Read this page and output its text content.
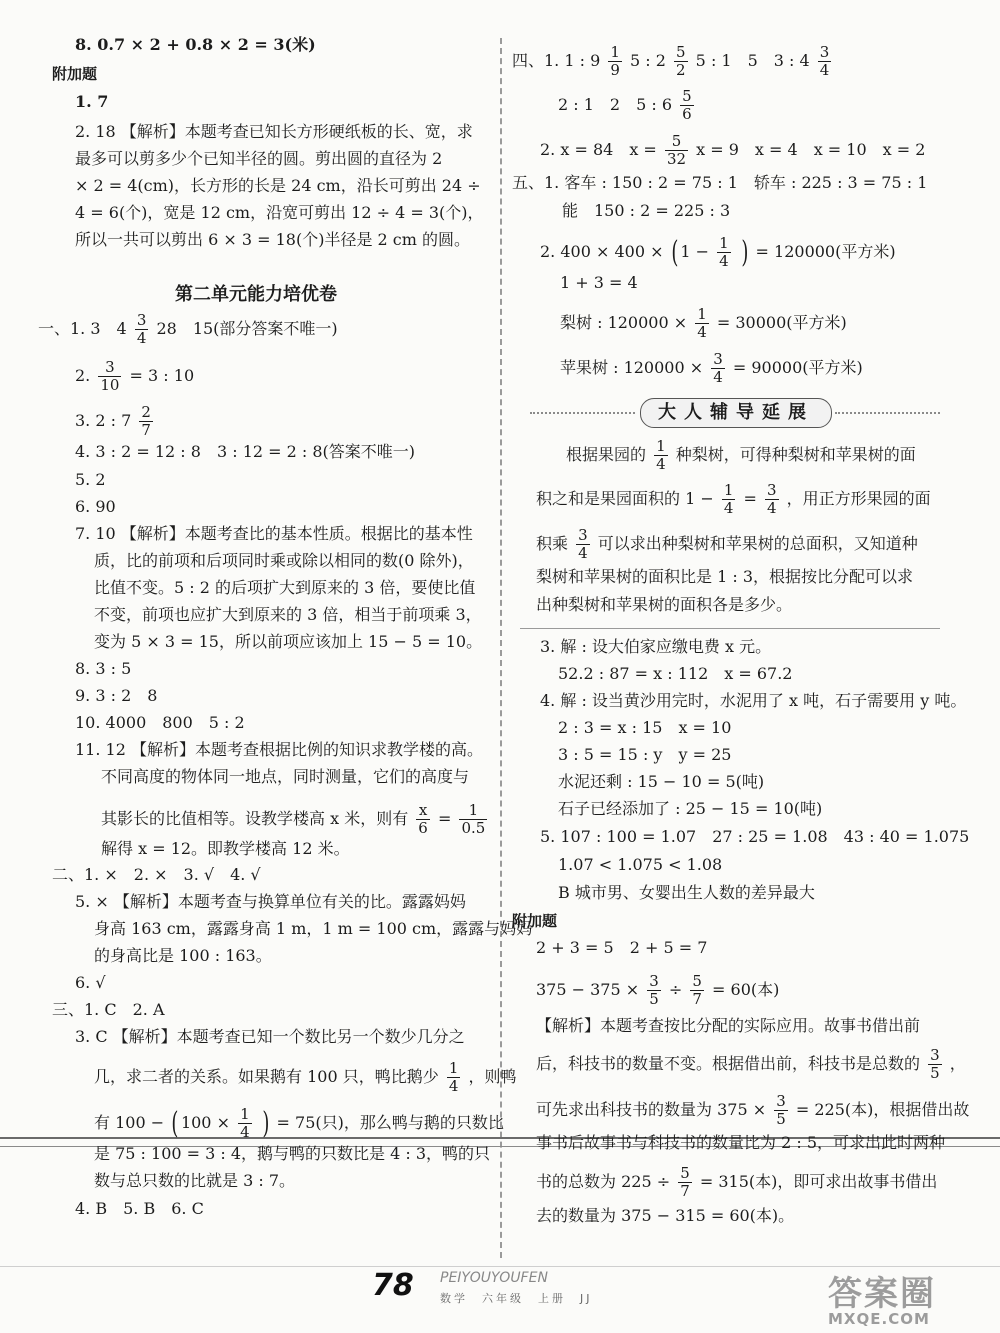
8. 0.7 × 2 + 0.8 × 2 = 3(米)
附加题
1. 7
2. 18 【解析】本题考查已知长方形硬纸板的长、宽，求
最多可以剪多少个已知半径的圆。剪出圆的直径为 2
× 2 = 4(cm)，长方形的长是 24 cm，沿长可剪出 24 ÷
4 = 6(个)，宽是 12 cm，沿宽可剪出 12 ÷ 4 = 3(个)，
所以一共可以剪出 6 × 3 = 18(个)半径是 2 cm 的圆。
第二单元能力培优卷
一、1. 3　$4 \frac{3}{4} 28$　15(部分答案不唯一)
2. $\frac{3}{10} = 3$ : 10
3. 2 : $7 \frac{2}{7}$
4. 3 : 2 = 12 : 8　3 : 12 = 2 : 8(答案不唯一)
5. 2
6. 90
7. 10 【解析】本题考查比的基本性质。根据比的基本性
质，比的前项和后项同时乘或除以相同的数(0 除外)，
比值不变。5 : 2 的后项扩大到原来的 3 倍，要使比值
不变，前项也应扩大到原来的 3 倍，相当于前项乘 3，
变为 5 × 3 = 15，所以前项应该加上 15 − 5 = 10。
8. 3 : 5
9. 3 : 2　8
10. 4000　800　5 : 2
11. 12 【解析】本题考查根据比例的知识求教学楼的高。
不同高度的物体同一地点，同时测量，它们的高度与
其影长的比值相等。设教学楼高 x 米，则有 $\frac{x}{6} = \frac{1}{0.5}$
解得 x = 12。即教学楼高 12 米。
二、1. ×　2. ×　3. √　4. √
5. × 【解析】本题考查与换算单位有关的比。露露妈妈
身高 163 cm，露露身高 1 m，1 m = 100 cm，露露与妈妈
的身高比是 100 : 163。
6. √
三、1. C　2. A
3. C 【解析】本题考查已知一个数比另一个数少几分之
几，求二者的关系。如果鹅有 100 只，鸭比鹅少 $\frac{1}{4}$ ，则鸭
有 100 − ( $100 \times \frac{1}{4}$ ) = 75(只)，那么鸭与鹅的只数比
是 75 : 100 = 3 : 4，鹅与鸭的只数比是 4 : 3，鸭的只
数与总只数的比就是 3 : 7。
4. B　5. B　6. C
四、1. 1 : $9 \frac{1}{9} 5$ : $2 \frac{5}{2} 5$ : 1　5　3 : $4 \frac{3}{4}$
2 : 1　2　5 : $6 \frac{5}{6}$
2. x = 84　$x = \frac{5}{32}$ x = 9　x = 4　x = 10　x = 2
五、1. 客车 : 150 : 2 = 75 : 1　轿车 : 225 : 3 = 75 : 1
能　150 : 2 = 225 : 3
2. 400 × 400 × ( $1 - \frac{1}{4}$ ) = 120000(平方米)
1 + 3 = 4
梨树 : $120000 \times \frac{1}{4} = 30000$(平方米)
苹果树 : $120000 \times \frac{3}{4} = 90000$(平方米)
大人辅导延展
根据果园的 $\frac{1}{4}$ 种梨树，可得种梨树和苹果树的面
积之和是果园面积的 $1 - \frac{1}{4} = \frac{3}{4}$ ，用正方形果园的面
积乘 $\frac{3}{4}$ 可以求出种梨树和苹果树的总面积，又知道种
梨树和苹果树的面积比是 1 : 3，根据按比分配可以求
出种梨树和苹果树的面积各是多少。
3. 解 : 设大伯家应缴电费 x 元。
52.2 : 87 = x : 112　x = 67.2
4. 解 : 设当黄沙用完时，水泥用了 x 吨，石子需要用 y 吨。
2 : 3 = x : 15　x = 10
3 : 5 = 15 : y　y = 25
水泥还剩 : 15 − 10 = 5(吨)
石子已经添加了 : 25 − 15 = 10(吨)
5. 107 : 100 = 1.07　27 : 25 = 1.08　43 : 40 = 1.075
1.07 < 1.075 < 1.08
B 城市男、女婴出生人数的差异最大
附加题
2 + 3 = 5　2 + 5 = 7
$375 - 375 \times \frac{3}{5} \div \frac{5}{7} = 60$(本)
【解析】本题考查按比分配的实际应用。故事书借出前
后，科技书的数量不变。根据借出前，科技书是总数的 $\frac{3}{5}$ ，
可先求出科技书的数量为 $375 \times \frac{3}{5} = 225$(本)，根据借出故
事书后故事书与科技书的数量比为 2 : 5，可求出此时两种
书的总数为 $225 \div \frac{5}{7} = 315$(本)，即可求出故事书借出
去的数量为 375 − 315 = 60(本)。
78	PEIYOUYOUFEN
数学　六年级　上册　JJ	答案圈
MXQE.COM
